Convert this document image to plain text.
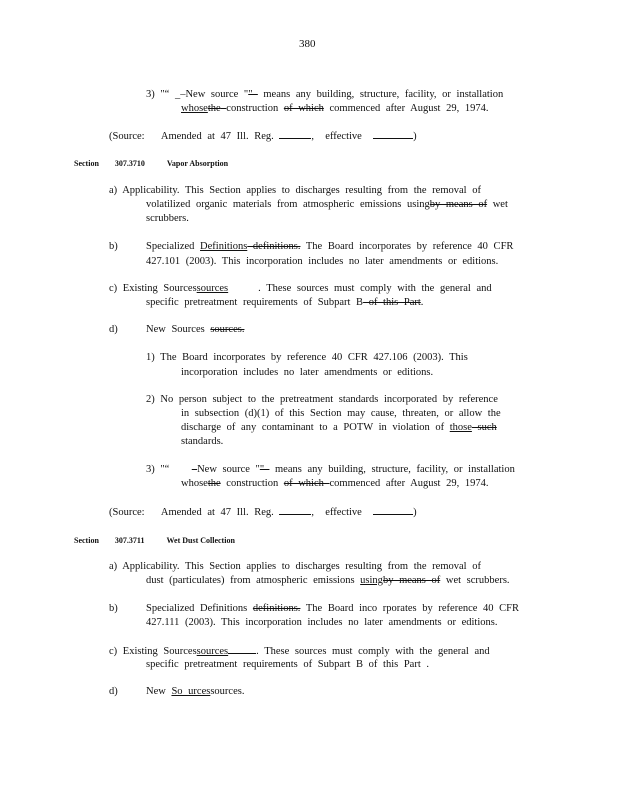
380
3) "“ _–New source ""– means any building, structure, facility, or installation
whosethe construction of which commenced after August 29, 1974.
(Source: Amended at 47 Ill. Reg.	, effective	)
Section 307.3710	Vapor Absorption
a) Applicability. This Section applies to discharges resulting from the removal of
volatilized organic materials from atmospheric emissions usingby means of wet
scrubbers.
b)	Specialized Definitions definitions. The Board incorporates by reference 40 CFR
427.101 (2003). This incorporation includes no later amendments or editions.
c) Existing Sourcessources	. These sources must comply with the general and
specific pretreatment requirements of Subpart B of this Part.
d)	New Sources sources.
1) The Board incorporates by reference 40 CFR 427.106 (2003). This
incorporation includes no later amendments or editions.
2) No person subject to the pretreatment standards incorporated by reference
in subsection (d)(1) of this Section may cause, threaten, or allow the
discharge of any contaminant to a POTW in violation of those such
standards.
3) "“ –New source ""– means any building, structure, facility, or installation
whosethe construction of which commenced after August 29, 1974.
(Source: Amended at 47 Ill. Reg.	, effective	)
Section 307.3711	Wet Dust Collection
a) Applicability. This Section applies to discharges resulting from the removal of
dust (particulates) from atmospheric emissions usingby means of wet scrubbers.
b)	Specialized Definitions definitions. The Board inco rporates by reference 40 CFR
427.111 (2003). This incorporation includes no later amendments or editions.
c) Existing Sourcessources	. These sources must comply with the general and
specific pretreatment requirements of Subpart B of this Part .
d)	New So urcessources.
